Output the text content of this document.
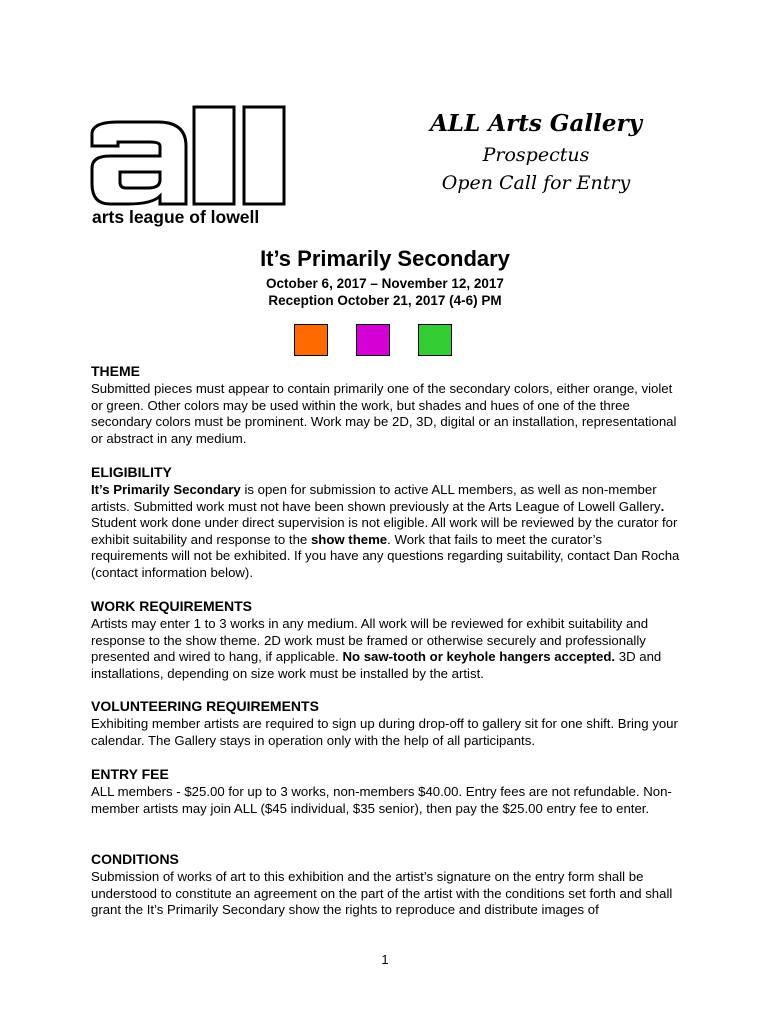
arts league of lowell
ALL Arts Gallery
Prospectus
Open Call for Entry
It’s Primarily Secondary
October 6, 2017 – November 12, 2017
Reception October 21, 2017 (4-6) PM
THEME

Submitted pieces must appear to contain primarily one of the secondary colors, either orange, violet or green. Other colors may be used within the work, but shades and hues of one of the three secondary colors must be prominent. Work may be 2D, 3D, digital or an installation, representational or abstract in any medium.

ELIGIBILITY

It’s Primarily Secondary is open for submission to active ALL members, as well as non-member artists. Submitted work must not have been shown previously at the Arts League of Lowell Gallery. Student work done under direct supervision is not eligible. All work will be reviewed by the curator for exhibit suitability and response to the show theme. Work that fails to meet the curator’s requirements will not be exhibited. If you have any questions regarding suitability, contact Dan Rocha (contact information below).

WORK REQUIREMENTS

Artists may enter 1 to 3 works in any medium. All work will be reviewed for exhibit suitability and response to the show theme. 2D work must be framed or otherwise securely and professionally presented and wired to hang, if applicable. No saw-tooth or keyhole hangers accepted. 3D and installations, depending on size work must be installed by the artist.

VOLUNTEERING REQUIREMENTS

Exhibiting member artists are required to sign up during drop-off to gallery sit for one shift. Bring your calendar. The Gallery stays in operation only with the help of all participants.

ENTRY FEE

ALL members - $25.00 for up to 3 works, non-members $40.00. Entry fees are not refundable. Non-member artists may join ALL ($45 individual, $35 senior), then pay the $25.00 entry fee to enter.

CONDITIONS

Submission of works of art to this exhibition and the artist’s signature on the entry form shall be understood to constitute an agreement on the part of the artist with the conditions set forth and shall grant the It’s Primarily Secondary show the rights to reproduce and distribute images of

1
